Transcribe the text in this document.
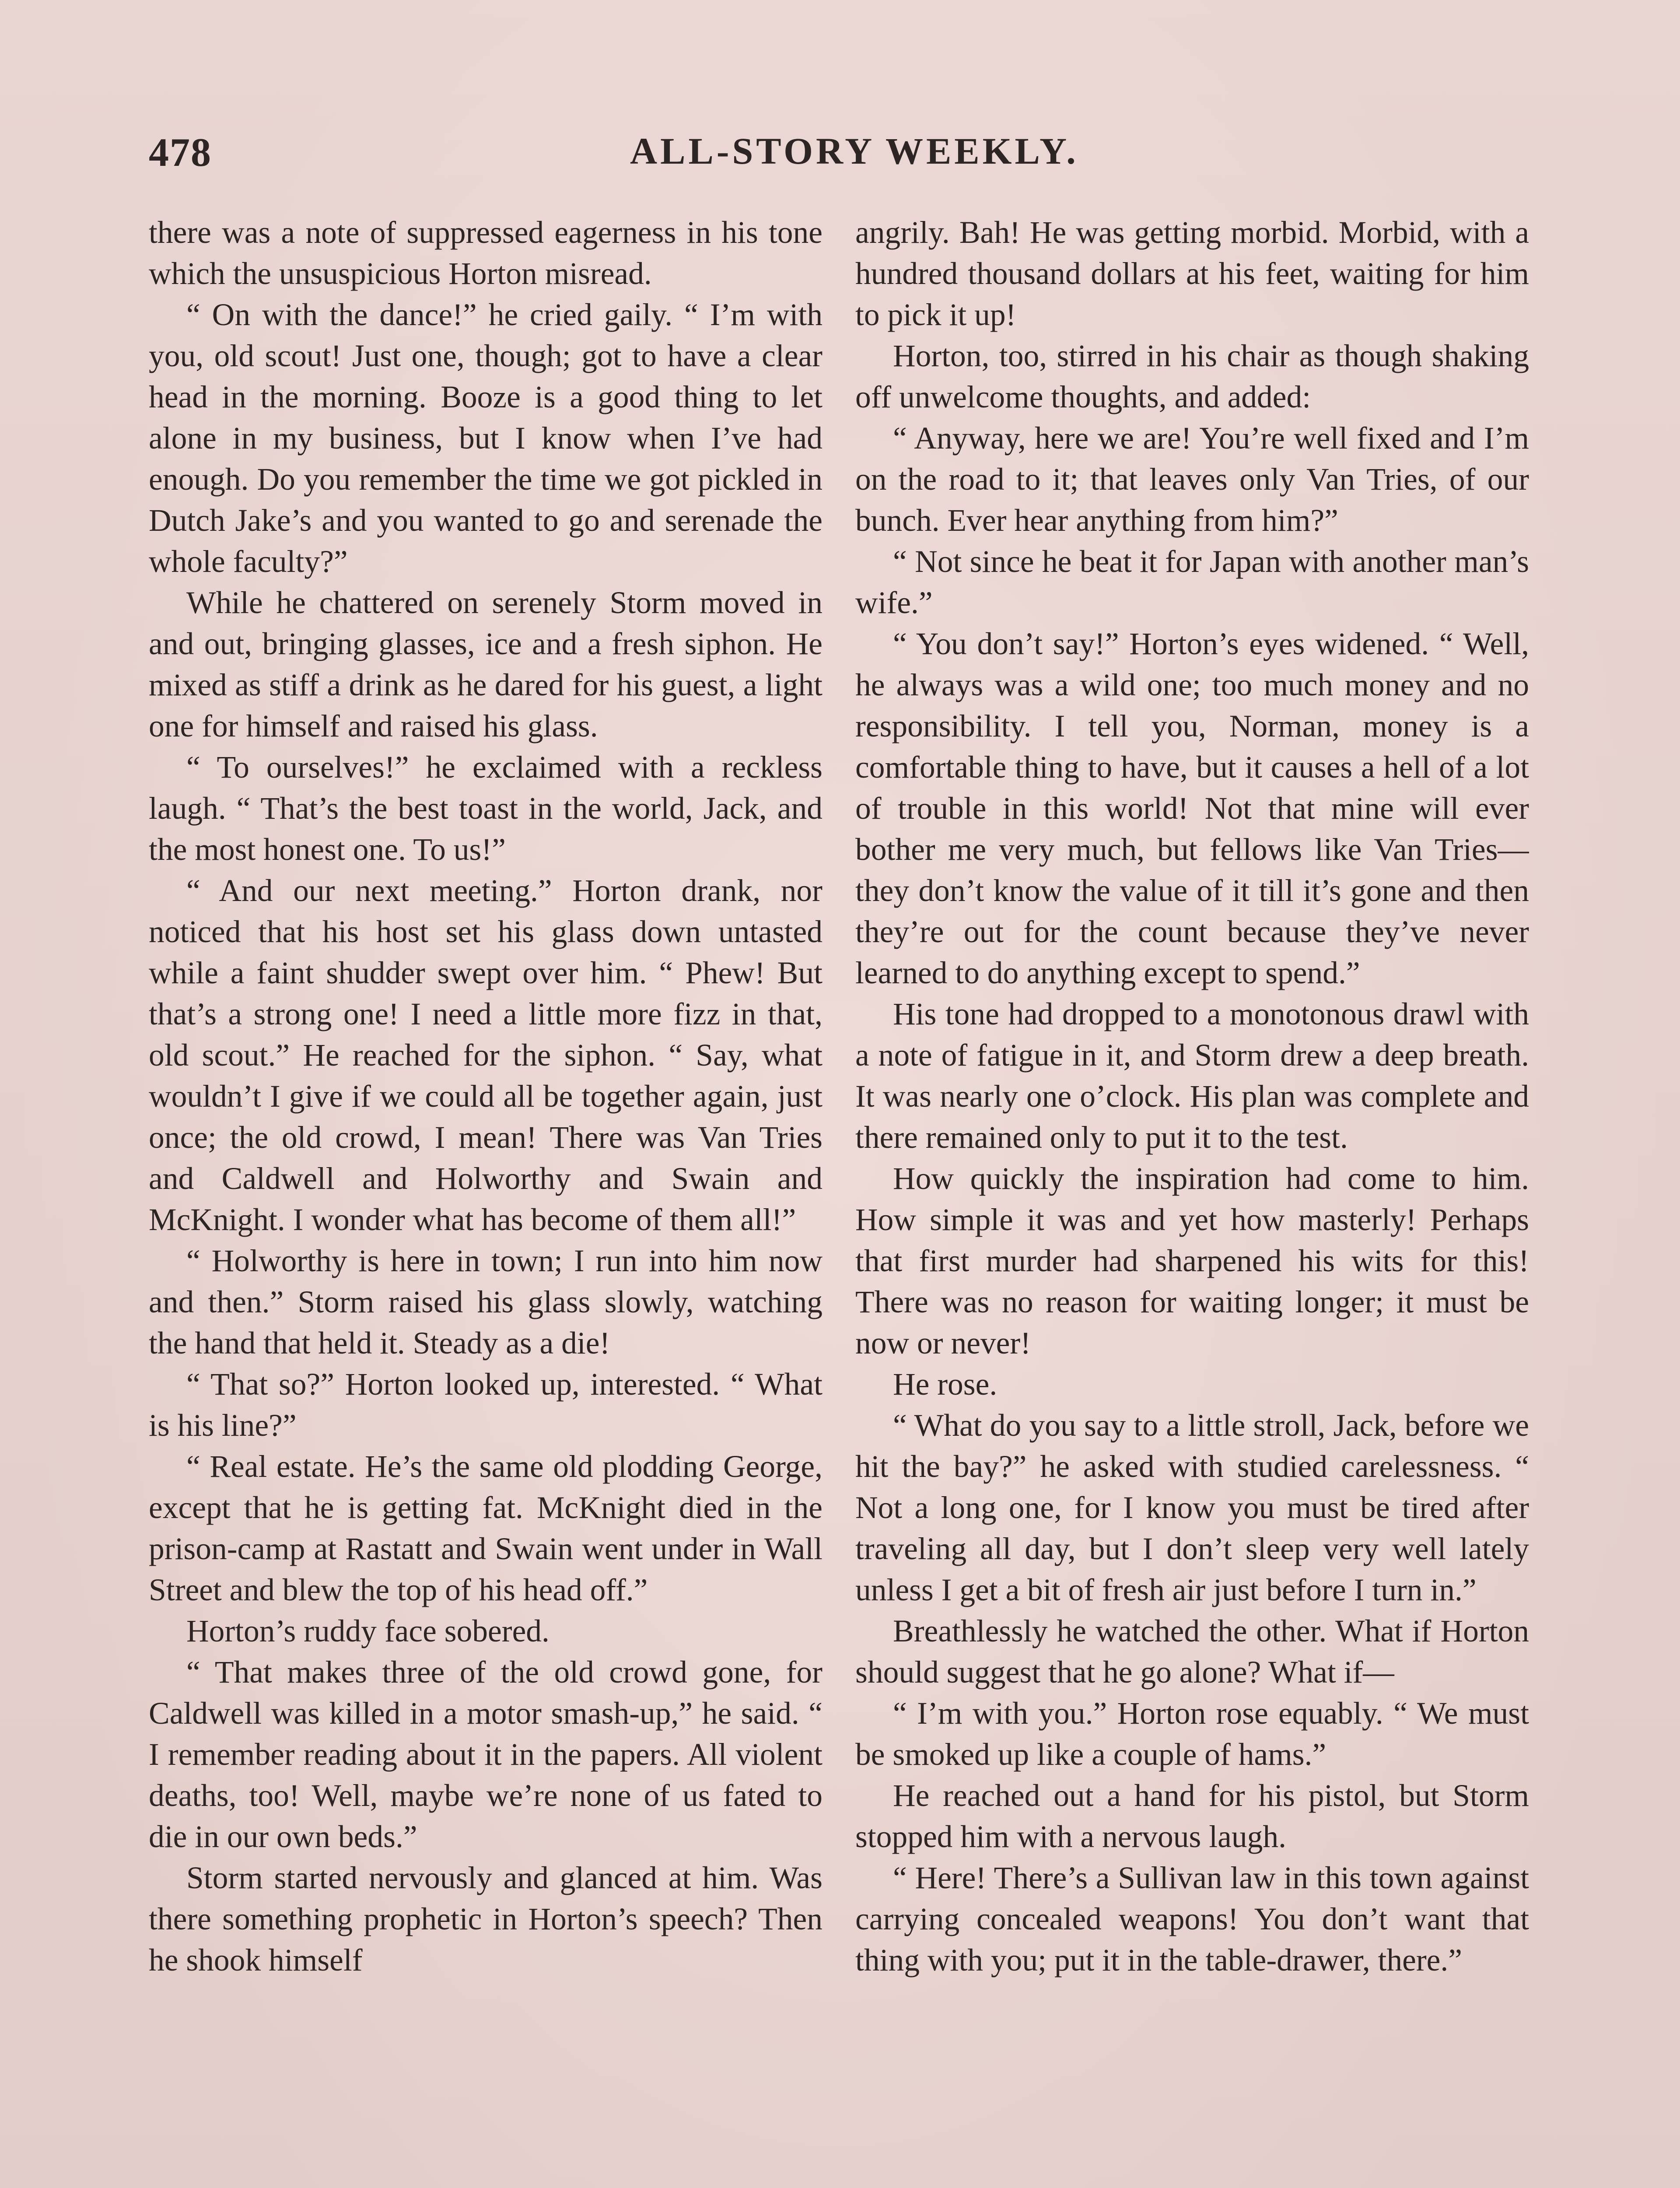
478	ALL-STORY WEEKLY.

there was a note of suppressed eagerness in his tone which the unsuspicious Horton misread.

“ On with the dance!” he cried gaily. “ I’m with you, old scout! Just one, though; got to have a clear head in the morning. Booze is a good thing to let alone in my business, but I know when I’ve had enough. Do you remember the time we got pickled in Dutch Jake’s and you wanted to go and serenade the whole faculty?”

While he chattered on serenely Storm moved in and out, bringing glasses, ice and a fresh siphon. He mixed as stiff a drink as he dared for his guest, a light one for himself and raised his glass.

“ To ourselves!” he exclaimed with a reckless laugh. “ That’s the best toast in the world, Jack, and the most honest one. To us!”

“ And our next meeting.” Horton drank, nor noticed that his host set his glass down untasted while a faint shudder swept over him. “ Phew! But that’s a strong one! I need a little more fizz in that, old scout.” He reached for the siphon. “ Say, what wouldn’t I give if we could all be together again, just once; the old crowd, I mean! There was Van Tries and Caldwell and Holworthy and Swain and McKnight. I wonder what has become of them all!”

“ Holworthy is here in town; I run into him now and then.” Storm raised his glass slowly, watching the hand that held it. Steady as a die!

“ That so?” Horton looked up, interested. “ What is his line?”

“ Real estate. He’s the same old plodding George, except that he is getting fat. McKnight died in the prison-camp at Rastatt and Swain went under in Wall Street and blew the top of his head off.”

Horton’s ruddy face sobered.

“ That makes three of the old crowd gone, for Caldwell was killed in a motor smash-up,” he said. “ I remember reading about it in the papers. All violent deaths, too! Well, maybe we’re none of us fated to die in our own beds.”

Storm started nervously and glanced at him. Was there something prophetic in Horton’s speech? Then he shook himself

angrily. Bah! He was getting morbid. Morbid, with a hundred thousand dollars at his feet, waiting for him to pick it up!

Horton, too, stirred in his chair as though shaking off unwelcome thoughts, and added:

“ Anyway, here we are! You’re well fixed and I’m on the road to it; that leaves only Van Tries, of our bunch. Ever hear anything from him?”

“ Not since he beat it for Japan with another man’s wife.”

“ You don’t say!” Horton’s eyes widened. “ Well, he always was a wild one; too much money and no responsibility. I tell you, Norman, money is a comfortable thing to have, but it causes a hell of a lot of trouble in this world! Not that mine will ever bother me very much, but fellows like Van Tries—they don’t know the value of it till it’s gone and then they’re out for the count because they’ve never learned to do anything except to spend.”

His tone had dropped to a monotonous drawl with a note of fatigue in it, and Storm drew a deep breath. It was nearly one o’clock. His plan was complete and there remained only to put it to the test.

How quickly the inspiration had come to him. How simple it was and yet how masterly! Perhaps that first murder had sharpened his wits for this! There was no reason for waiting longer; it must be now or never!

He rose.

“ What do you say to a little stroll, Jack, before we hit the bay?” he asked with studied carelessness. “ Not a long one, for I know you must be tired after traveling all day, but I don’t sleep very well lately unless I get a bit of fresh air just before I turn in.”

Breathlessly he watched the other. What if Horton should suggest that he go alone? What if—

“ I’m with you.” Horton rose equably. “ We must be smoked up like a couple of hams.”

He reached out a hand for his pistol, but Storm stopped him with a nervous laugh.

“ Here! There’s a Sullivan law in this town against carrying concealed weapons! You don’t want that thing with you; put it in the table-drawer, there.”
